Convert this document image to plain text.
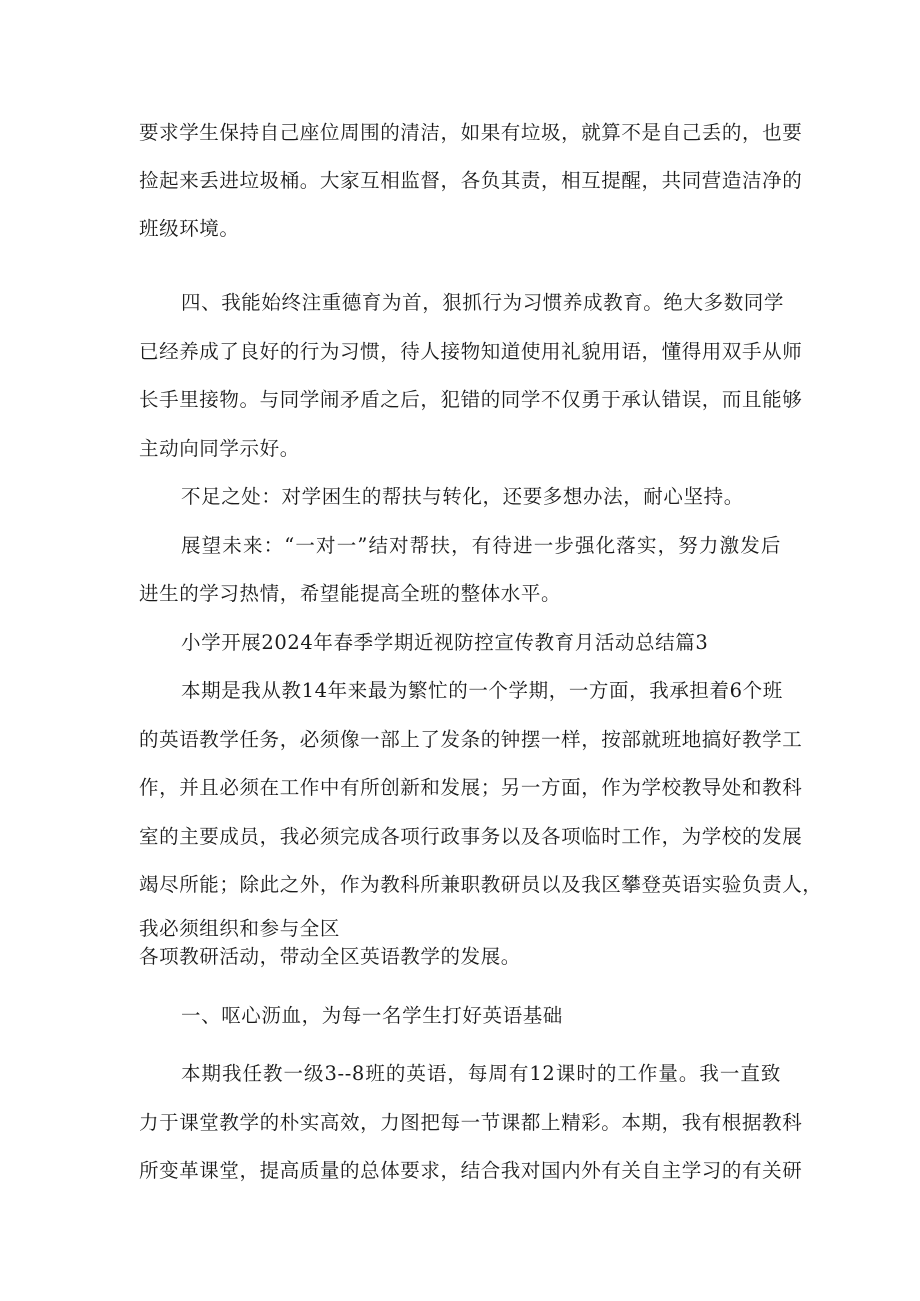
要求学生保持自己座位周围的清洁，如果有垃圾，就算不是自己丢的，也要
捡起来丢进垃圾桶。大家互相监督，各负其责，相互提醒，共同营造洁净的
班级环境。
四、我能始终注重德育为首，狠抓行为习惯养成教育。绝大多数同学
已经养成了良好的行为习惯，待人接物知道使用礼貌用语，懂得用双手从师
长手里接物。与同学闹矛盾之后，犯错的同学不仅勇于承认错误，而且能够
主动向同学示好。
不足之处：对学困生的帮扶与转化，还要多想办法，耐心坚持。
展望未来：“一对一”结对帮扶，有待进一步强化落实，努力激发后
进生的学习热情，希望能提高全班的整体水平。
小学开展2024年春季学期近视防控宣传教育月活动总结篇3
本期是我从教14年来最为繁忙的一个学期，一方面，我承担着6个班
的英语教学任务，必须像一部上了发条的钟摆一样，按部就班地搞好教学工
作，并且必须在工作中有所创新和发展；另一方面，作为学校教导处和教科
室的主要成员，我必须完成各项行政事务以及各项临时工作，为学校的发展
竭尽所能；除此之外，作为教科所兼职教研员以及我区攀登英语实验负责人，
我必须组织和参与全区
各项教研活动，带动全区英语教学的发展。
一、呕心沥血，为每一名学生打好英语基础
本期我任教一级3--8班的英语，每周有12课时的工作量。我一直致
力于课堂教学的朴实高效，力图把每一节课都上精彩。本期，我有根据教科
所变革课堂，提高质量的总体要求，结合我对国内外有关自主学习的有关研
